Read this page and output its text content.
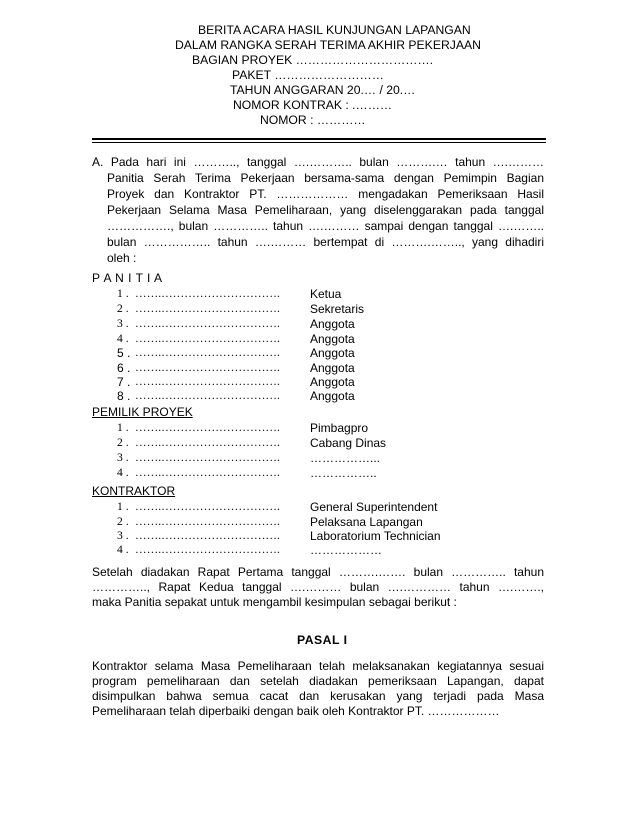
BERITA ACARA HASIL KUNJUNGAN LAPANGAN
DALAM RANGKA SERAH TERIMA AKHIR PEKERJAAN
BAGIAN PROYEK …………………………….
PAKET ………………………
TAHUN ANGGARAN 20.… / 20.…
NOMOR KONTRAK : .………
NOMOR : …………
A. Pada hari ini ……….., tanggal ….……….. bulan ……….… tahun ….………
Panitia Serah Terima Pekerjaan bersama-sama dengan Pemimpin Bagian
Proyek dan Kontraktor PT. ……………… mengadakan Pemeriksaan Hasil
Pekerjaan Selama Masa Pemeliharaan, yang diselenggarakan pada tanggal
……………., bulan ………….. tahun ….……… sampai dengan tanggal ….……..
bulan …………….. tahun ….……… bertempat di ……….…….., yang dihadiri
oleh :
P A N I T I A
1 . …….………………………….	Ketua
2 . …….………………………….	Sekretaris
3 . …….………………………….	Anggota
4 . …….………………………….	Anggota
5 . …….………………………….	Anggota
6 . …….………………………….	Anggota
7 . …….………………………….	Anggota
8 . …….………………………….	Anggota
PEMILIK PROYEK
1 . …….………………………….	Pimbagpro
2 . …….………………………….	Cabang Dinas
3 . …….………………………….	……………...
4 . …….………………………….	……………..
KONTRAKTOR
1 . …….………………………….	General Superintendent
2 . …….………………………….	Pelaksana Lapangan
3 . …….………………………….	Laboratorium Technician
4 . …….………………………….	………………
Setelah diadakan Rapat Pertama tanggal ……….……. bulan ………….. tahun
………….., Rapat Kedua tanggal ….……… bulan ….………… tahun ….…….,
maka Panitia sepakat untuk mengambil kesimpulan sebagai berikut :
PASAL I
Kontraktor selama Masa Pemeliharaan telah melaksanakan kegiatannya sesuai
program pemeliharaan dan setelah diadakan pemeriksaan Lapangan, dapat
disimpulkan bahwa semua cacat dan kerusakan yang terjadi pada Masa
Pemeliharaan telah diperbaiki dengan baik oleh Kontraktor PT. ………………
